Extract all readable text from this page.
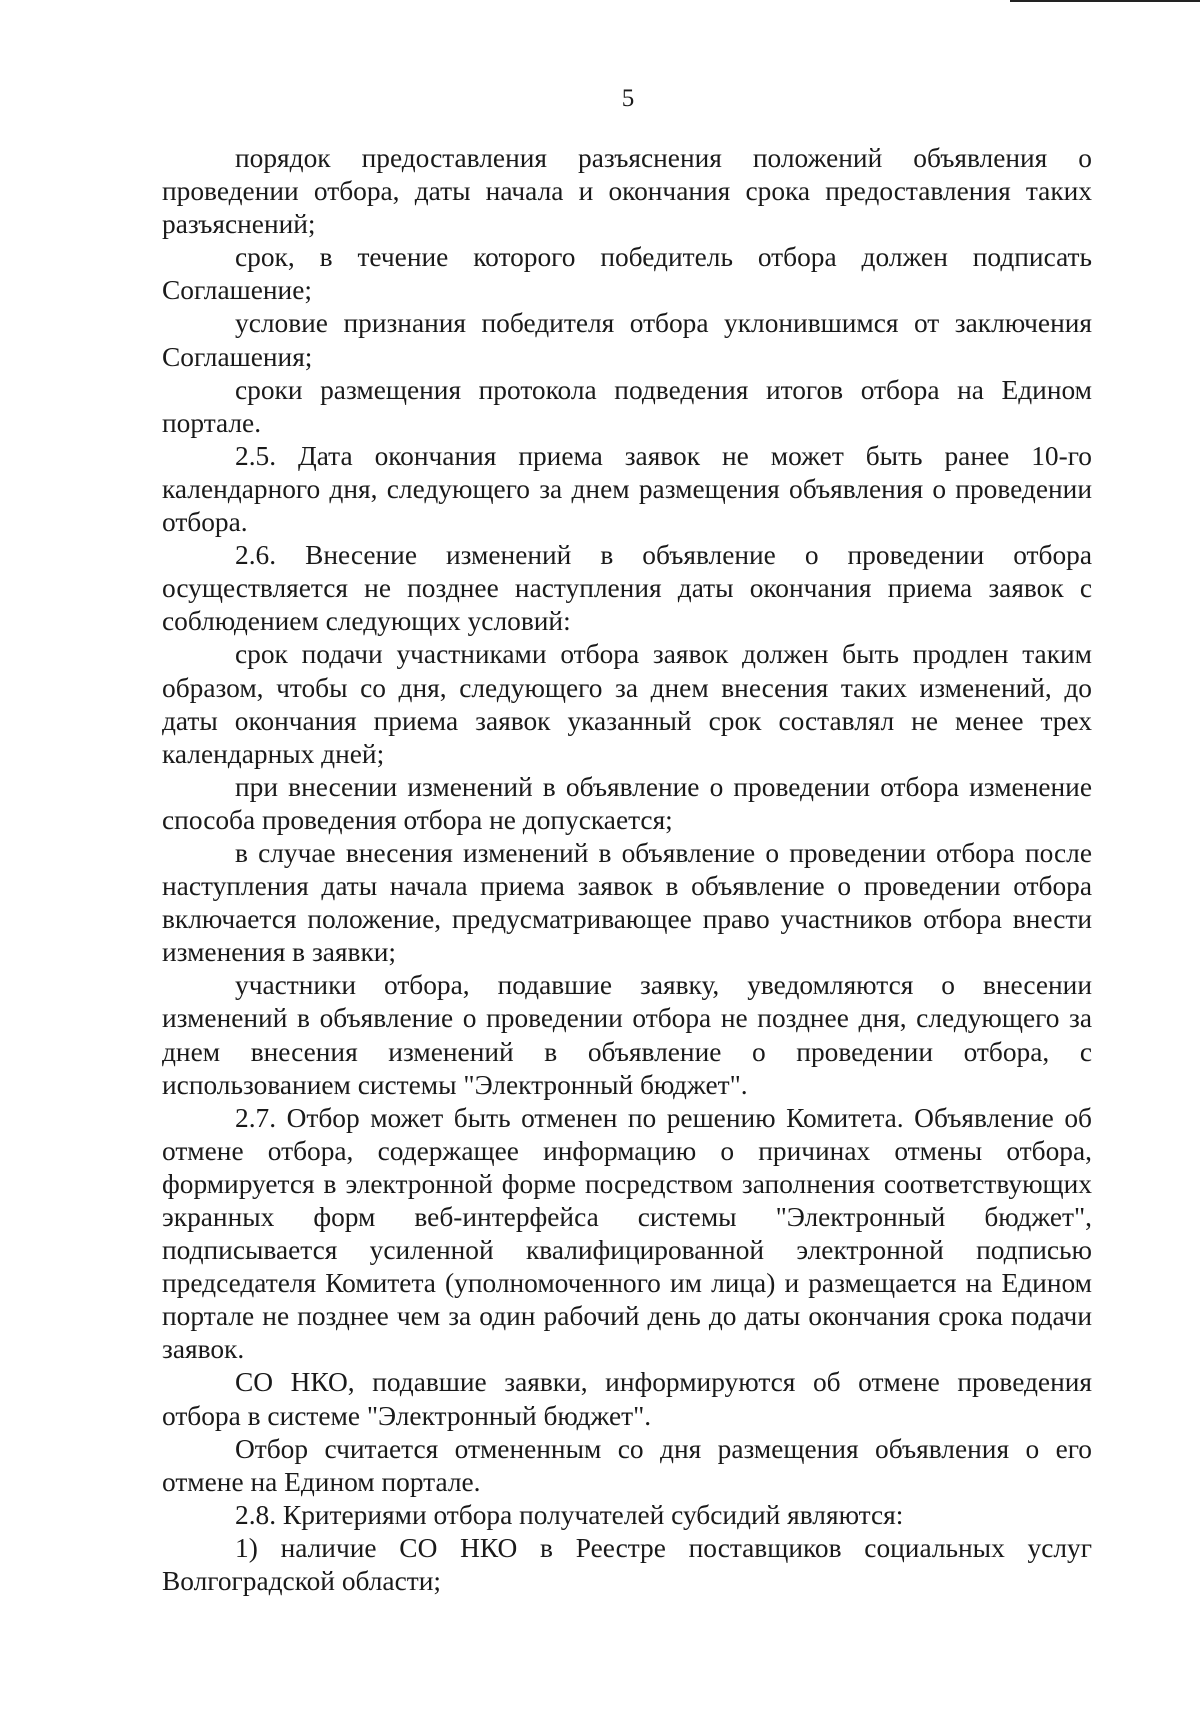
5

порядок предоставления разъяснения положений объявления о проведении отбора, даты начала и окончания срока предоставления таких разъяснений;

срок, в течение которого победитель отбора должен подписать Соглашение;

условие признания победителя отбора уклонившимся от заключения Соглашения;

сроки размещения протокола подведения итогов отбора на Едином портале.

2.5. Дата окончания приема заявок не может быть ранее 10-го календарного дня, следующего за днем размещения объявления о проведении отбора.

2.6. Внесение изменений в объявление о проведении отбора осуществляется не позднее наступления даты окончания приема заявок с соблюдением следующих условий:

срок подачи участниками отбора заявок должен быть продлен таким образом, чтобы со дня, следующего за днем внесения таких изменений, до даты окончания приема заявок указанный срок составлял не менее трех календарных дней;

при внесении изменений в объявление о проведении отбора изменение способа проведения отбора не допускается;

в случае внесения изменений в объявление о проведении отбора после наступления даты начала приема заявок в объявление о проведении отбора включается положение, предусматривающее право участников отбора внести изменения в заявки;

участники отбора, подавшие заявку, уведомляются о внесении изменений в объявление о проведении отбора не позднее дня, следующего за днем внесения изменений в объявление о проведении отбора, с использованием системы "Электронный бюджет".

2.7. Отбор может быть отменен по решению Комитета. Объявление об отмене отбора, содержащее информацию о причинах отмены отбора, формируется в электронной форме посредством заполнения соответствующих экранных форм веб-интерфейса системы "Электронный бюджет", подписывается усиленной квалифицированной электронной подписью председателя Комитета (уполномоченного им лица) и размещается на Едином портале не позднее чем за один рабочий день до даты окончания срока подачи заявок.

СО НКО, подавшие заявки, информируются об отмене проведения отбора в системе "Электронный бюджет".

Отбор считается отмененным со дня размещения объявления о его отмене на Едином портале.

2.8. Критериями отбора получателей субсидий являются:

1) наличие СО НКО в Реестре поставщиков социальных услуг Волгоградской области;
